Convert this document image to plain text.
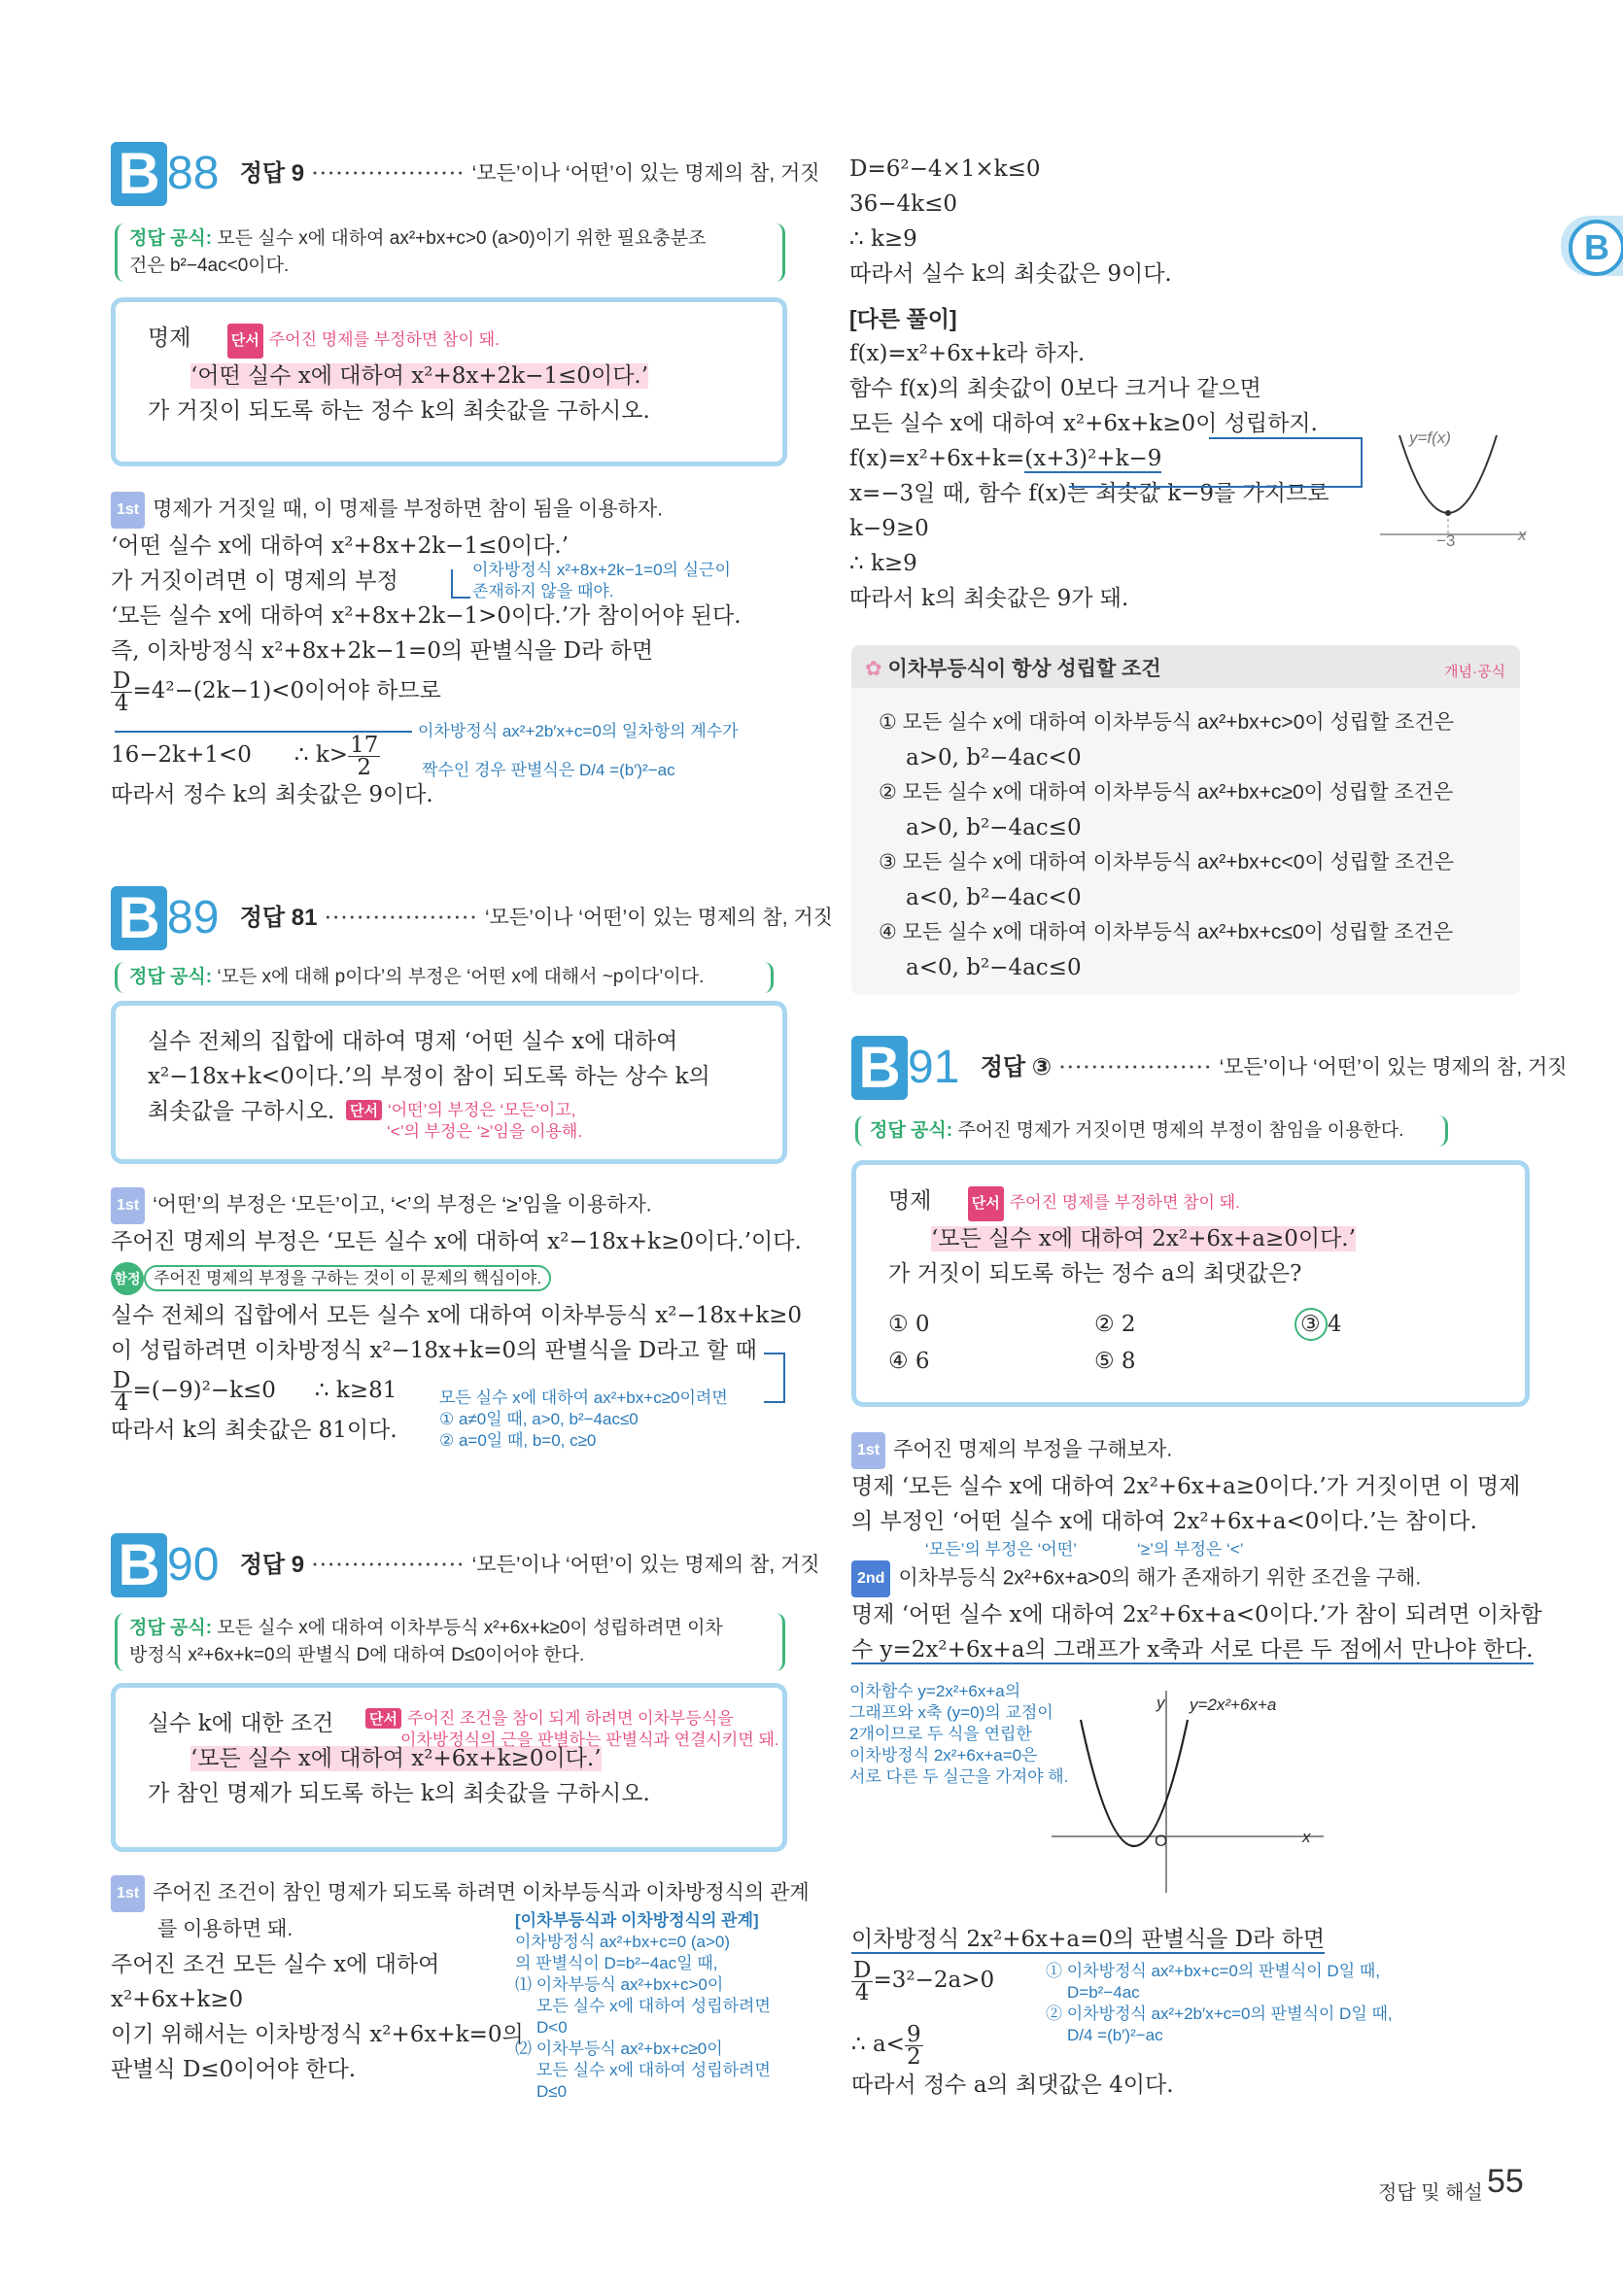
B
B 88 정답 9 ··················· ‘모든’이나 ‘어떤’이 있는 명제의 참, 거짓
정답 공식: 모든 실수 x에 대하여 ax²+bx+c>0 (a>0)이기 위한 필요충분조
건은 b²−4ac<0이다.
명제	단서 주어진 명제를 부정하면 참이 돼.
‘어떤 실수 x에 대하여 x²+8x+2k−1≤0이다.’
가 거짓이 되도록 하는 정수 k의 최솟값을 구하시오.
1st 명제가 거짓일 때, 이 명제를 부정하면 참이 됨을 이용하자.
‘어떤 실수 x에 대하여 x²+8x+2k−1≤0이다.’
가 거짓이려면 이 명제의 부정
‘모든 실수 x에 대하여 x²+8x+2k−1>0이다.’가 참이어야 된다.
즉, 이차방정식 x²+8x+2k−1=0의 판별식을 D라 하면
$\frac{D}{4} =4^2-(2k-1)<0$이어야 하므로
16−2k+1<0 ∴ $k> \frac{17}{2}$
따라서 정수 k의 최솟값은 9이다.
이차방정식 x²+8x+2k−1=0의 실근이
존재하지 않을 때야.
이차방정식 ax²+2b′x+c=0의 일차항의 계수가
짝수인 경우 판별식은 D/4 =(b′)²−ac
B 89 정답 81 ··················· ‘모든’이나 ‘어떤’이 있는 명제의 참, 거짓
정답 공식: ‘모든 x에 대해 p이다’의 부정은 ‘어떤 x에 대해서 ~p이다’이다.
실수 전체의 집합에 대하여 명제 ‘어떤 실수 x에 대하여
x²−18x+k<0이다.’의 부정이 참이 되도록 하는 상수 k의
최솟값을 구하시오.	단서 ‘어떤’의 부정은 ‘모든’이고,
‘<’의 부정은 ‘≥’임을 이용해.
1st ‘어떤’의 부정은 ‘모든’이고, ‘<’의 부정은 ‘≥’임을 이용하자.
주어진 명제의 부정은 ‘모든 실수 x에 대하여 x²−18x+k≥0이다.’이다.
함정 주어진 명제의 부정을 구하는 것이 이 문제의 핵심이야.
실수 전체의 집합에서 모든 실수 x에 대하여 이차부등식 x²−18x+k≥0
이 성립하려면 이차방정식 x²−18x+k=0의 판별식을 D라고 할 때
$\frac{D}{4} =(-9)^2-k\le 0$ ∴ k≥81
따라서 k의 최솟값은 81이다.
모든 실수 x에 대하여 ax²+bx+c≥0이려면
① a≠0일 때, a>0, b²−4ac≤0
② a=0일 때, b=0, c≥0
B 90 정답 9 ··················· ‘모든’이나 ‘어떤’이 있는 명제의 참, 거짓
정답 공식: 모든 실수 x에 대하여 이차부등식 x²+6x+k≥0이 성립하려면 이차
방정식 x²+6x+k=0의 판별식 D에 대하여 D≤0이어야 한다.
실수 k에 대한 조건
‘모든 실수 x에 대하여 x²+6x+k≥0이다.’
가 참인 명제가 되도록 하는 k의 최솟값을 구하시오.
단서 주어진 조건을 참이 되게 하려면 이차부등식을
이차방정식의 근을 판별하는 판별식과 연결시키면 돼.
1st 주어진 조건이 참인 명제가 되도록 하려면 이차부등식과 이차방정식의 관계
를 이용하면 돼.
주어진 조건 모든 실수 x에 대하여
x²+6x+k≥0
이기 위해서는 이차방정식 x²+6x+k=0의
판별식 D≤0이어야 한다.
[이차부등식과 이차방정식의 관계]
이차방정식 ax²+bx+c=0 (a>0)
의 판별식이 D=b²−4ac일 때,
⑴ 이차부등식 ax²+bx+c>0이
모든 실수 x에 대하여 성립하려면
D<0
⑵ 이차부등식 ax²+bx+c≥0이
모든 실수 x에 대하여 성립하려면
D≤0
D=6²−4×1×k≤0
36−4k≤0
∴ k≥9
따라서 실수 k의 최솟값은 9이다.
[다른 풀이]
f(x)=x²+6x+k라 하자.
함수 f(x)의 최솟값이 0보다 크거나 같으면
모든 실수 x에 대하여 x²+6x+k≥0이 성립하지.
f(x)=x²+6x+k=(x+3)²+k−9
x=−3일 때, 함수 f(x)는 최솟값 k−9를 가지므로
k−9≥0
∴ k≥9
따라서 k의 최솟값은 9가 돼.
y=f(x)
−3	x
✿ 이차부등식이 항상 성립할 조건	개념·공식
① 모든 실수 x에 대하여 이차부등식 ax²+bx+c>0이 성립할 조건은
a>0, b²−4ac<0
② 모든 실수 x에 대하여 이차부등식 ax²+bx+c≥0이 성립할 조건은
a>0, b²−4ac≤0
③ 모든 실수 x에 대하여 이차부등식 ax²+bx+c<0이 성립할 조건은
a<0, b²−4ac<0
④ 모든 실수 x에 대하여 이차부등식 ax²+bx+c≤0이 성립할 조건은
a<0, b²−4ac≤0
B 91 정답 ③ ··················· ‘모든’이나 ‘어떤’이 있는 명제의 참, 거짓
정답 공식: 주어진 명제가 거짓이면 명제의 부정이 참임을 이용한다.
명제	단서 주어진 명제를 부정하면 참이 돼.
‘모든 실수 x에 대하여 2x²+6x+a≥0이다.’
가 거짓이 되도록 하는 정수 a의 최댓값은?
① 0	② 2	③ 4
④ 6	⑤ 8
1st 주어진 명제의 부정을 구해보자.
명제 ‘모든 실수 x에 대하여 2x²+6x+a≥0이다.’가 거짓이면 이 명제
의 부정인 ‘어떤 실수 x에 대하여 2x²+6x+a<0이다.’는 참이다.
2nd 이차부등식 2x²+6x+a>0의 해가 존재하기 위한 조건을 구해.
명제 ‘어떤 실수 x에 대하여 2x²+6x+a<0이다.’가 참이 되려면 이차함
수 y=2x²+6x+a의 그래프가 x축과 서로 다른 두 점에서 만나야 한다.
‘모든’의 부정은 ‘어떤’	‘≥’의 부정은 ‘<’
이차함수 y=2x²+6x+a의
그래프와 x축 (y=0)의 교점이
2개이므로 두 식을 연립한
이차방정식 2x²+6x+a=0은
서로 다른 두 실근을 가져야 해.
y=2x²+6x+a
y
O	x
이차방정식 2x²+6x+a=0의 판별식을 D라 하면
$\frac{D}{4} =3^2-2a>0$
∴ $a< \frac{9}{2}$
따라서 정수 a의 최댓값은 4이다.
① 이차방정식 ax²+bx+c=0의 판별식이 D일 때,
D=b²−4ac
② 이차방정식 ax²+2b′x+c=0의 판별식이 D일 때,
D/4 =(b′)²−ac
정답 및 해설 55
